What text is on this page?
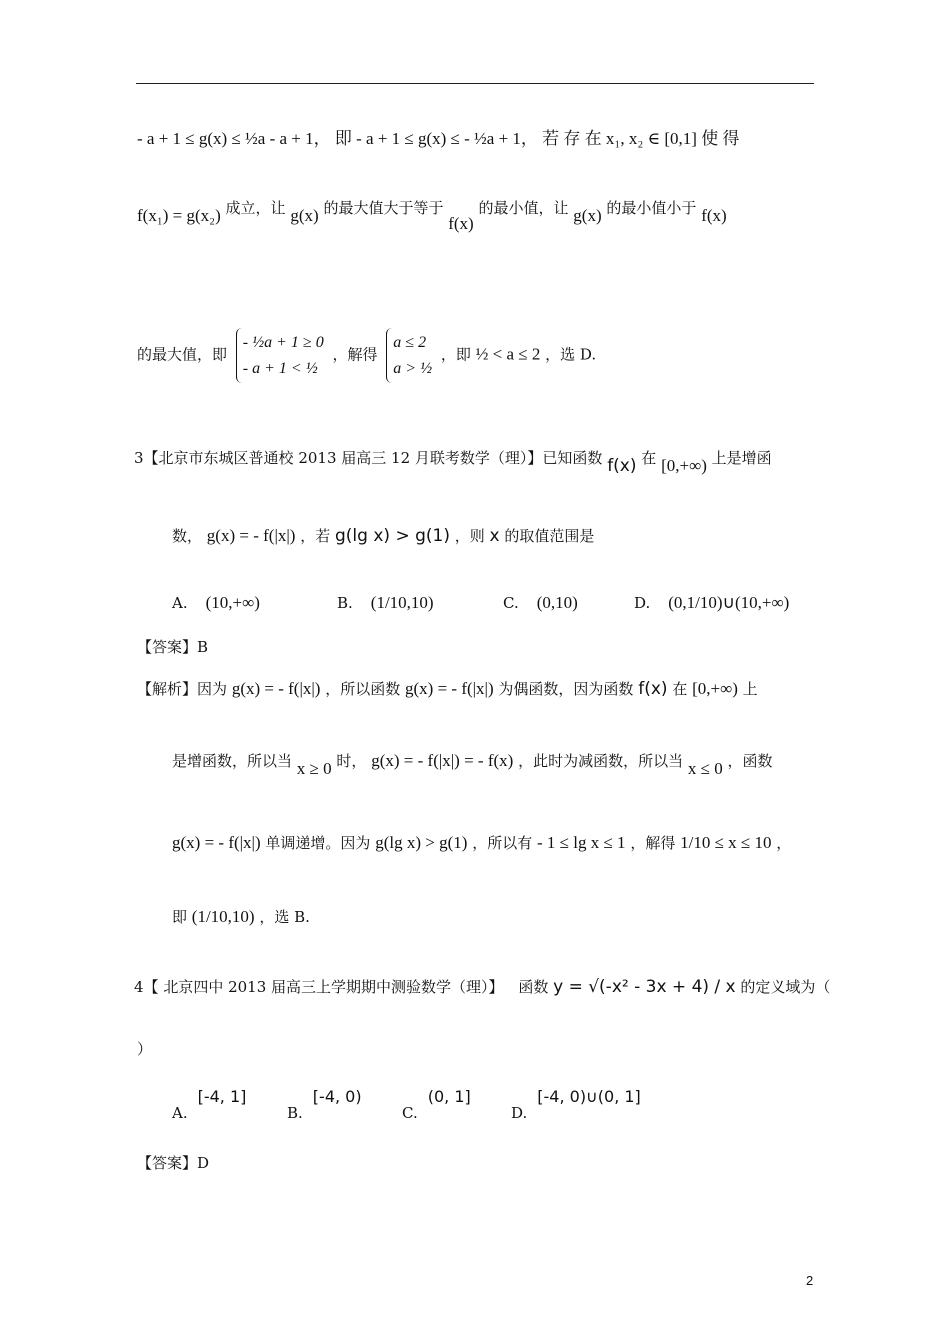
- a + 1 ≤ g(x) ≤ ½a - a + 1， 即 - a + 1 ≤ g(x) ≤ - ½a + 1， 若 存 在 x₁, x₂ ∈ [0,1] 使 得
f(x₁) = g(x₂) 成立，让 g(x) 的最大值大于等于 f(x) 的最小值，让 g(x) 的最小值小于 f(x)
的最大值，即
- ½a + 1 ≥ 0
- a + 1 < ½
，解得
a ≤ 2
a > ½
，即 ½ < a ≤ 2 ，选 D.
3【北京市东城区普通校 2013 届高三 12 月联考数学（理）】已知函数 f(x) 在 [0,+∞) 上是增函
数， g(x) = - f(|x|) ，若 g(lg x) > g(1) ，则 x 的取值范围是
A. (10,+∞)	B. (1/10,10)	C. (0,10)	D. (0,1/10)∪(10,+∞)
【答案】B
【解析】因为 g(x) = - f(|x|) ，所以函数 g(x) = - f(|x|) 为偶函数，因为函数 f(x) 在 [0,+∞) 上
是增函数，所以当 x ≥ 0 时， g(x) = - f(|x|) = - f(x) ，此时为减函数，所以当 x ≤ 0 ，函数
g(x) = - f(|x|) 单调递增。因为 g(lg x) > g(1) ，所以有 - 1 ≤ lg x ≤ 1 ，解得 1/10 ≤ x ≤ 10 ，
即 (1/10,10) ，选 B.
4【 北京四中 2013 届高三上学期期中测验数学（理）】 函数 y = √(-x² - 3x + 4) / x 的定义域为（
）
A.[-4, 1]
B.[-4, 0)
C.(0, 1]
D.[-4, 0)∪(0, 1]
【答案】D
2
